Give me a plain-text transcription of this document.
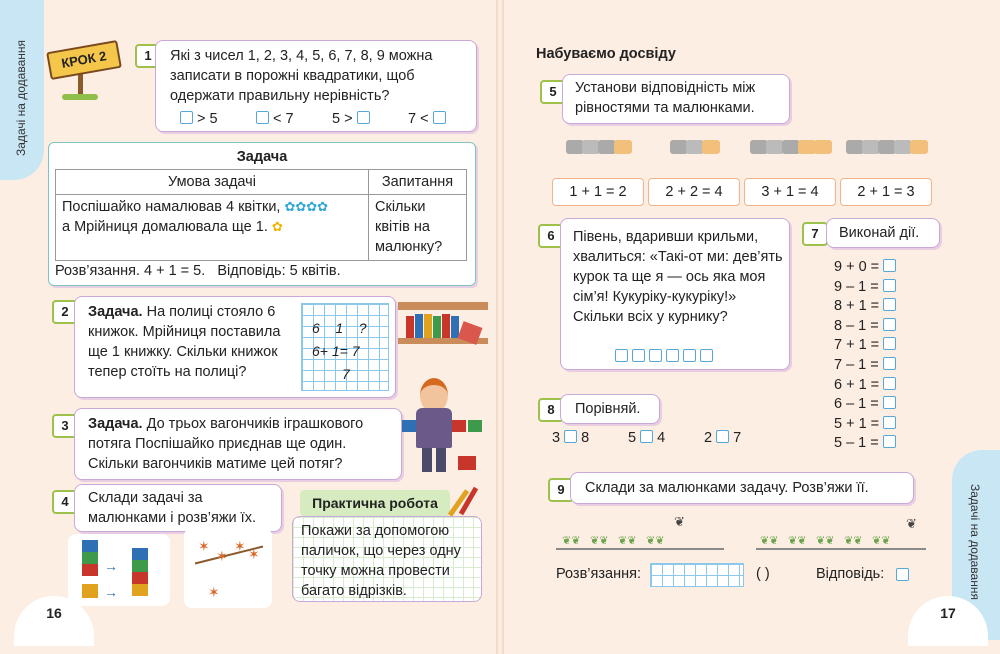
Задачі на додавання	КРОК 2	1	Які з чисел 1, 2, 3, 4, 5, 6, 7, 8, 9 можна записати в порожні квадратики, щоб одержати правильну нерівність?
> 5	< 7	5 >	7 <
Задача
Умова задачі	Запитання

Поспішайко намалював 4 квітки, ✿✿✿✿
а Мрійниця домалювала ще 1. ✿	Скільки квітів на малюнку?
Розв’язання. 4 + 1 = 5. Відповідь: 5 квітів.
2	Задача. На полиці стояло 6 книжок. Мрійниця поставила ще 1 книжку. Скільки книжок тепер стоїть на полиці?
6 1 ?
6+ 1= 7
7
3	Задача. До трьох вагончиків іграшкового потяга Поспішайко приєднав ще один. Скільки вагончиків матиме цей потяг?
4	Склади задачі за малюнками і розв’яжи їх.
→
→
✶
✶
✶ ✶
✶
Практична робота
Покажи за допомогою паличок, що через одну точку можна провести багато відрізків.
16
Набуваємо досвіду
5	Установи відповідність між рівностями та малюнками.
1 + 1 = 2	2 + 2 = 4	3 + 1 = 4	2 + 1 = 3
6	Півень, вдаривши крильми, хвалиться: «Такі-от ми: дев’ять курок та ще я — ось яка моя сім’я! Кукуріку-кукуріку!» Скільки всіх у курнику?

7	Виконай дії.
9 + 0 =
9 – 1 =
8 + 1 =
8 – 1 =
7 + 1 =
7 – 1 =
6 + 1 =
6 – 1 =
5 + 1 =
5 – 1 =
8	Порівняй.
3 8	5 4	2 7
9	Склади за малюнками задачу. Розв’яжи її.
❦❦ ❦❦ ❦❦ ❦❦
❦
❦❦ ❦❦ ❦❦ ❦❦ ❦❦
❦
Розв’язання:	( )	Відповідь:	Задачі на додавання
17
